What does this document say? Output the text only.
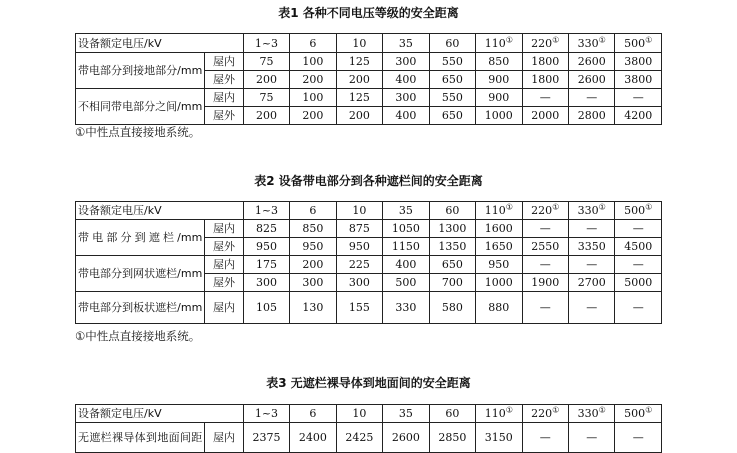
表1 各种不同电压等级的安全距离
设备额定电压/kV		1~3	6	10	35	60	110①	220①	330①	500①
带电部分到接地部分/mm	屋内	75	100	125	300	550	850	1800	2600	3800
	屋外	200	200	200	400	650	900	1800	2600	3800
不相同带电部分之间/mm	屋内	75	100	125	300	550	900	—	—	—
	屋外	200	200	200	400	650	1000	2000	2800	4200
①中性点直接接地系统。
表2 设备带电部分到各种遮栏间的安全距离
设备额定电压/kV		1~3	6	10	35	60	110①	220①	330①	500①
带电部分到遮栏/mm	屋内	825	850	875	1050	1300	1600	—	—	—
	屋外	950	950	950	1150	1350	1650	2550	3350	4500
带电部分到网状遮栏/mm	屋内	175	200	225	400	650	950	—	—	—
	屋外	300	300	300	500	700	1000	1900	2700	5000
带电部分到板状遮栏/mm	屋内	105	130	155	330	580	880	—	—	—
①中性点直接接地系统。
表3 无遮栏裸导体到地面间的安全距离
设备额定电压/kV		1~3	6	10	35	60	110①	220①	330①	500①
无遮栏裸导体到地面间距	屋内	2375	2400	2425	2600	2850	3150	—	—	—
